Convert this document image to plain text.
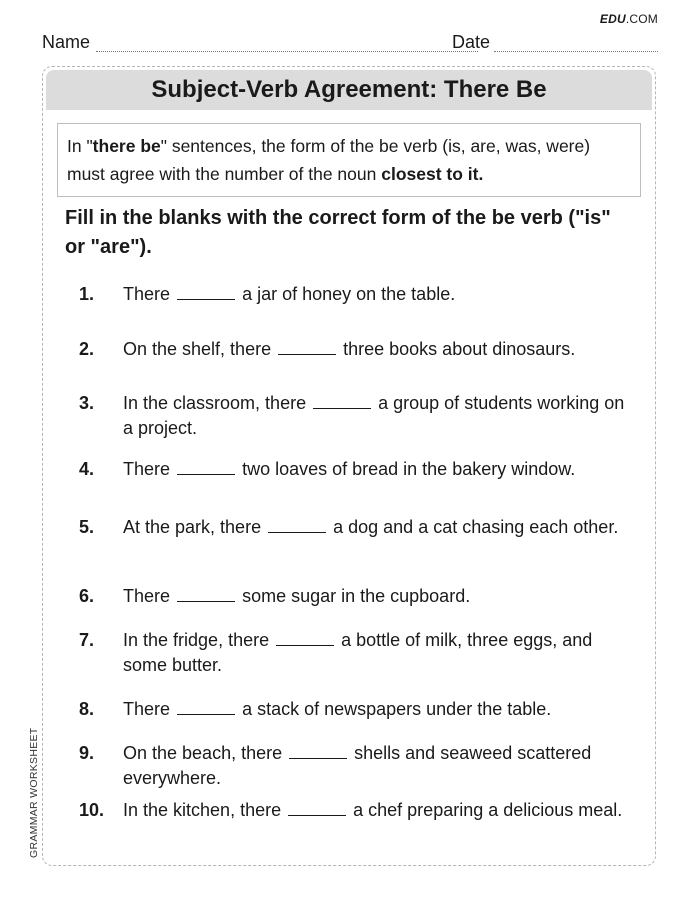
EDU.COM
Name	Date
Subject-Verb Agreement: There Be
In "there be" sentences, the form of the be verb (is, are, was, were) must agree with the number of the noun closest to it.
Fill in the blanks with the correct form of the be verb ("is" or "are").
1. There	a jar of honey on the table.
2. On the shelf, there	three books about dinosaurs.
3. In the classroom, there	a group of students working on a project.
4. There	two loaves of bread in the bakery window.
5. At the park, there	a dog and a cat chasing each other.
6. There	some sugar in the cupboard.
7. In the fridge, there	a bottle of milk, three eggs, and some butter.
8. There	a stack of newspapers under the table.
9. On the beach, there	shells and seaweed scattered everywhere.
10. In the kitchen, there	a chef preparing a delicious meal.
GRAMMAR WORKSHEET
